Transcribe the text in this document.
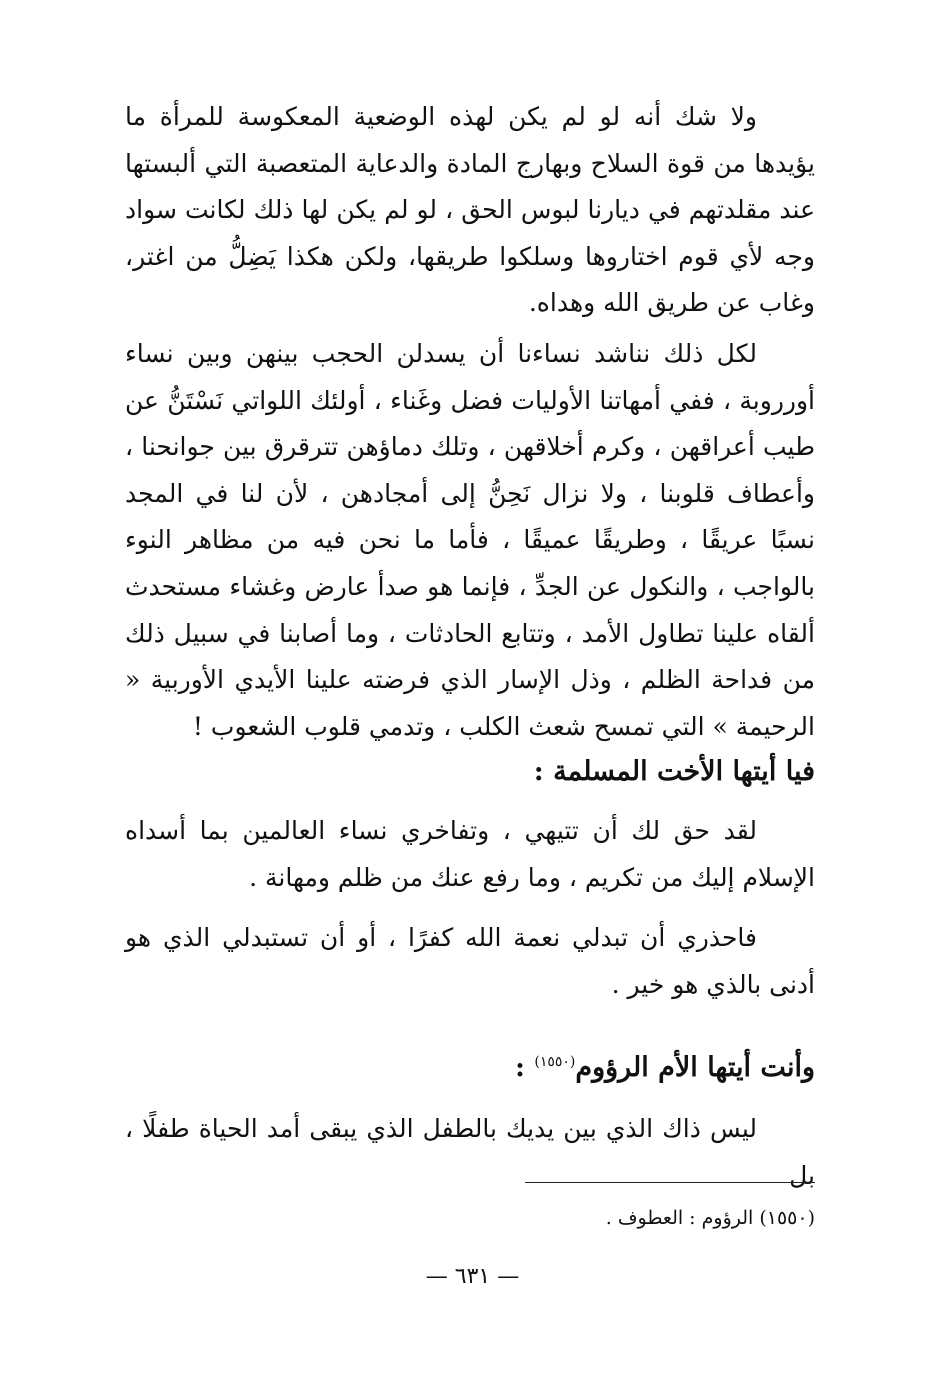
ولا شك أنه لو لم يكن لهذه الوضعية المعكوسة للمرأة ما يؤيدها من قوة السلاح وبهارج المادة والدعاية المتعصبة التي ألبستها عند مقلدتهم في ديارنا لبوس الحق ، لو لم يكن لها ذلك لكانت سواد وجه لأي قوم اختاروها وسلكوا طريقها، ولكن هكذا يَضِلُّ من اغتر، وغاب عن طريق الله وهداه.

لكل ذلك نناشد نساءنا أن يسدلن الحجب بينهن وبين نساء أورروبة ، ففي أمهاتنا الأوليات فضل وغَناء ، أولئك اللواتي نَسْتَنُّ عن طيب أعراقهن ، وكرم أخلاقهن ، وتلك دماؤهن تترقرق بين جوانحنا ، وأعطاف قلوبنا ، ولا نزال نَحِنُّ إلى أمجادهن ، لأن لنا في المجد نسبًا عريقًا ، وطريقًا عميقًا ، فأما ما نحن فيه من مظاهر النوء بالواجب ، والنكول عن الجدِّ ، فإنما هو صدأ عارض وغشاء مستحدث ألقاه علينا تطاول الأمد ، وتتابع الحادثات ، وما أصابنا في سبيل ذلك من فداحة الظلم ، وذل الإسار الذي فرضته علينا الأيدي الأوربية « الرحيمة » التي تمسح شعث الكلب ، وتدمي قلوب الشعوب !

فيا أيتها الأخت المسلمة :

لقد حق لك أن تتيهي ، وتفاخري نساء العالمين بما أسداه الإسلام إليك من تكريم ، وما رفع عنك من ظلم ومهانة .

فاحذري أن تبدلي نعمة الله كفرًا ، أو أن تستبدلي الذي هو أدنى بالذي هو خير .

وأنت أيتها الأم الرؤوم$^{(١٥٥٠)}$ :

ليس ذاك الذي بين يديك بالطفل الذي يبقى أمد الحياة طفلًا ، بل

(١٥٥٠) الرؤوم : العطوف .
— ٦٣١ —
